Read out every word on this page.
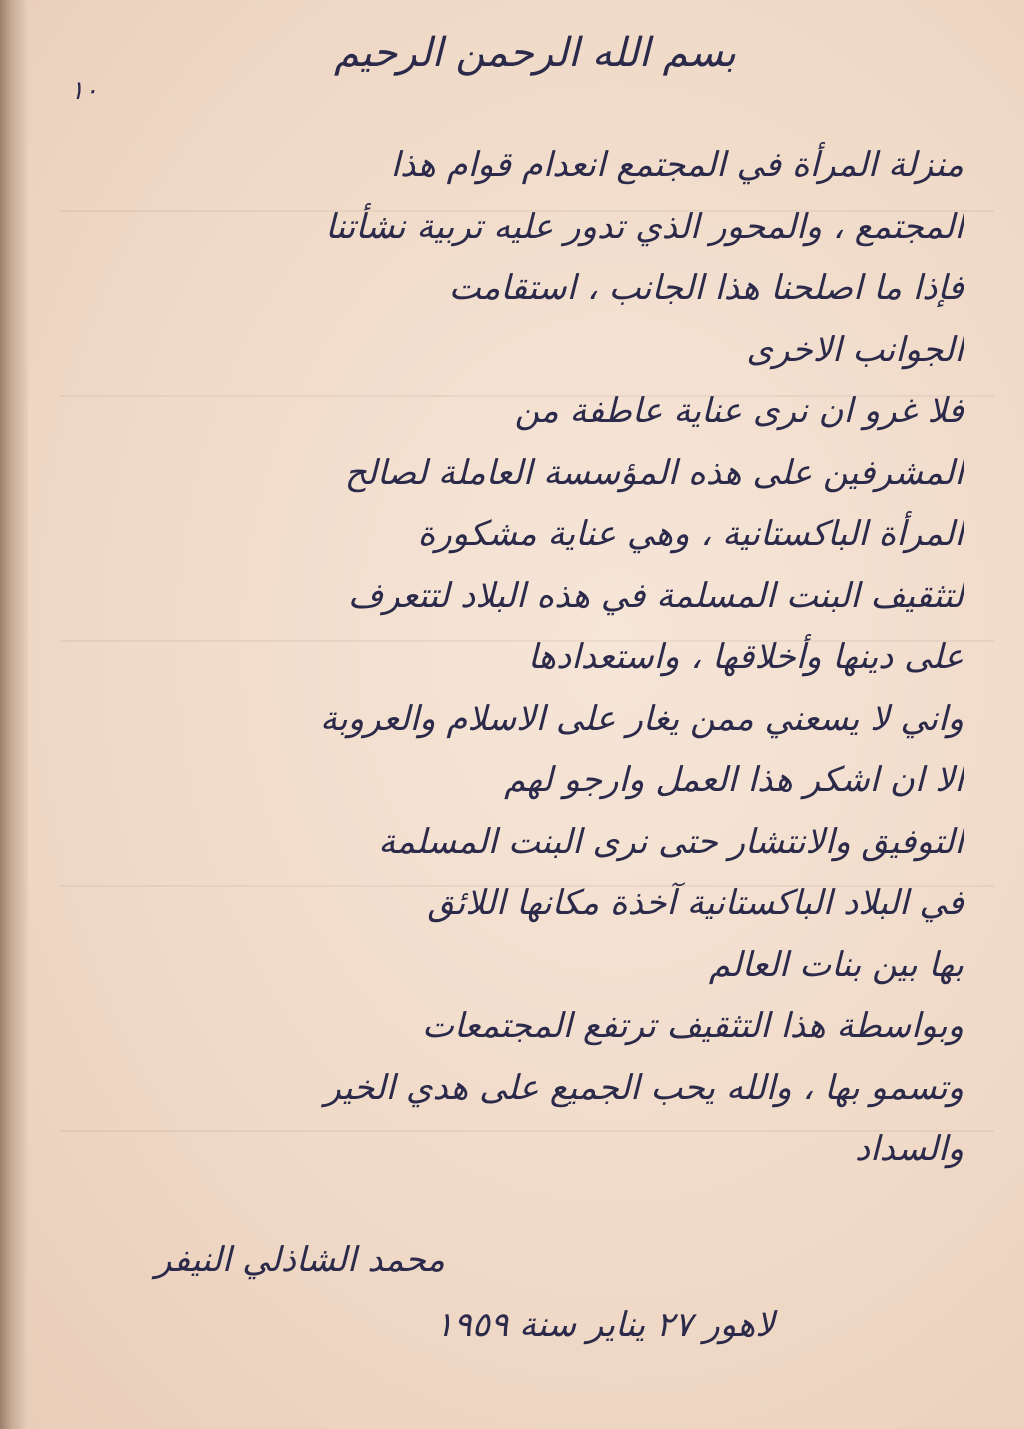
١٠
بسم الله الرحمن الرحيم
منزلة المرأة في المجتمع انعدام قوام هذا
المجتمع ، والمحور الذي تدور عليه تربية نشأتنا
فإذا ما اصلحنا هذا الجانب ، استقامت
الجوانب الاخرى
فلا غرو ان نرى عناية عاطفة من
المشرفين على هذه المؤسسة العاملة لصالح
المرأة الباكستانية ، وهي عناية مشكورة
لتثقيف البنت المسلمة في هذه البلاد لتتعرف
على دينها وأخلاقها ، واستعدادها
واني لا يسعني ممن يغار على الاسلام والعروبة
الا ان اشكر هذا العمل وارجو لهم
التوفيق والانتشار حتى نرى البنت المسلمة
في البلاد الباكستانية آخذة مكانها اللائق
بها بين بنات العالم
وبواسطة هذا التثقيف ترتفع المجتمعات
وتسمو بها ، والله يحب الجميع على هدي الخير
والسداد
محمد الشاذلي النيفر
لاهور ٢٧ يناير سنة ١٩٥٩
